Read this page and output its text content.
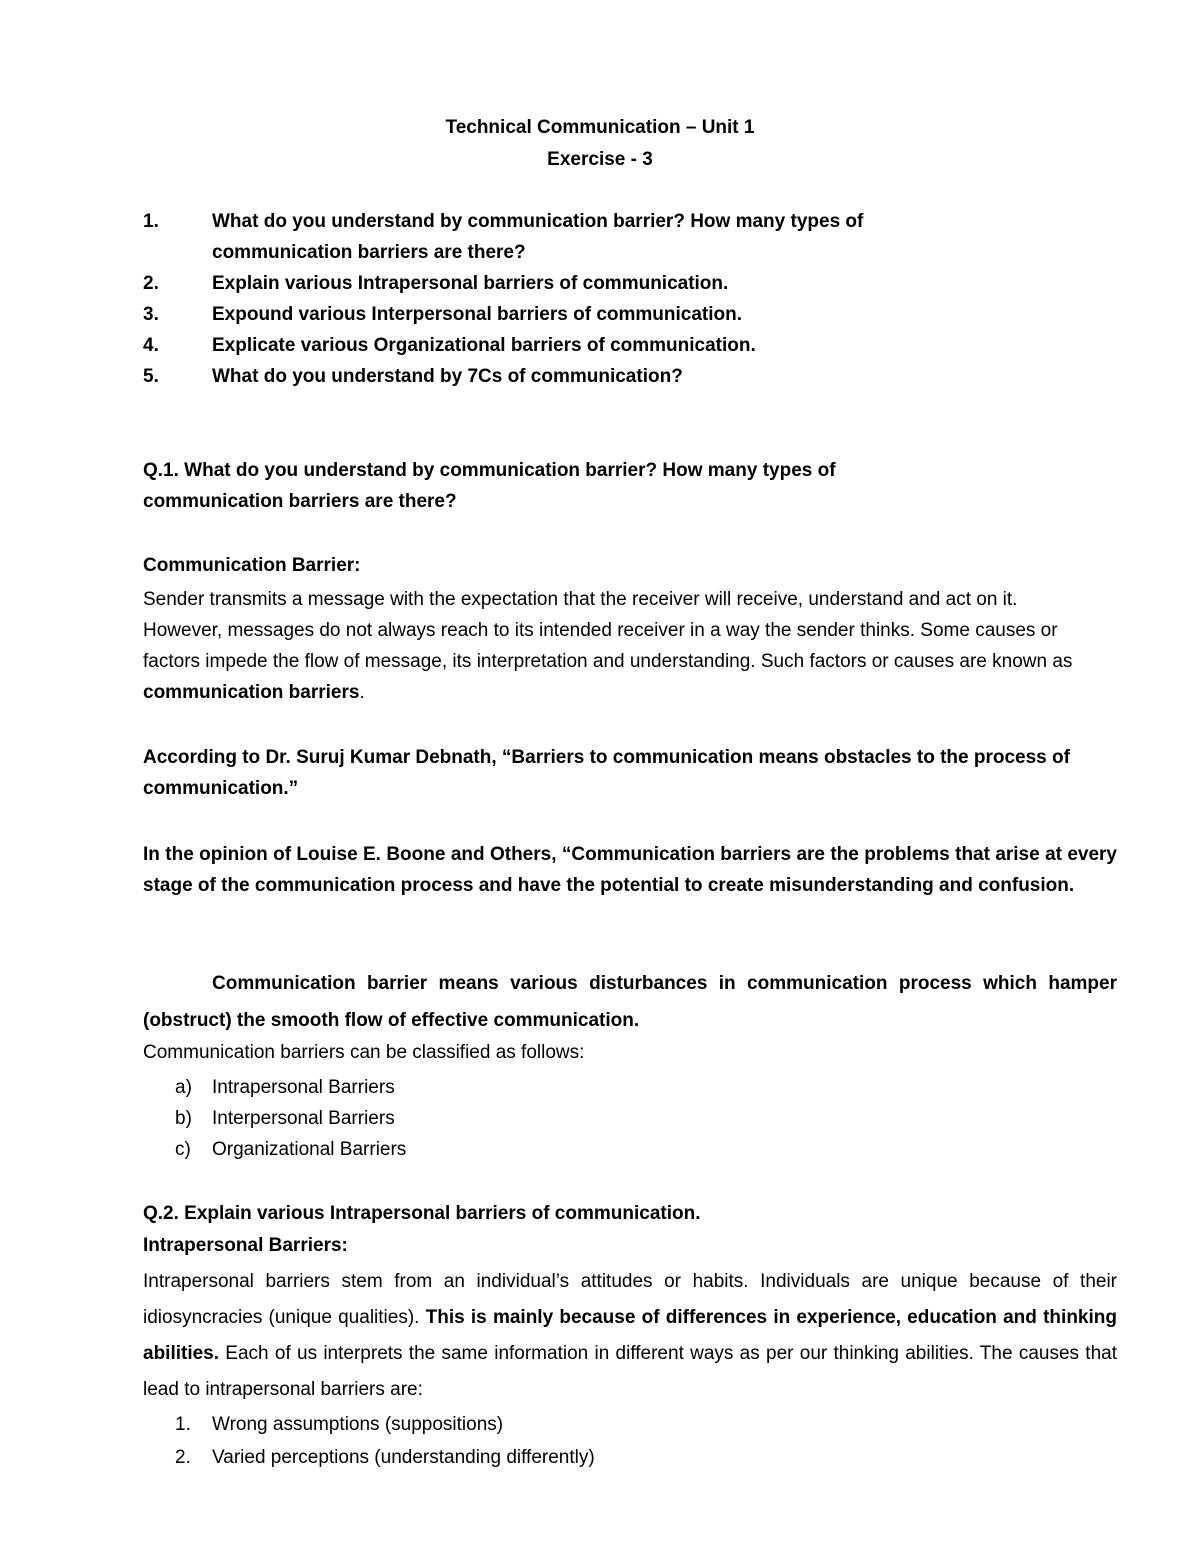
Technical Communication – Unit 1
Exercise - 3
1.	What do you understand by communication barrier? How many types of
communication barriers are there?
2.	Explain various Intrapersonal barriers of communication.
3.	Expound various Interpersonal barriers of communication.
4.	Explicate various Organizational barriers of communication.
5.	What do you understand by 7Cs of communication?
Q.1. What do you understand by communication barrier? How many types of communication barriers are there?
Communication Barrier:
Sender transmits a message with the expectation that the receiver will receive, understand and act on it. However, messages do not always reach to its intended receiver in a way the sender thinks. Some causes or factors impede the flow of message, its interpretation and understanding. Such factors or causes are known as communication barriers.
According to Dr. Suruj Kumar Debnath, “Barriers to communication means obstacles to the process of communication.”
In the opinion of Louise E. Boone and Others, “Communication barriers are the problems that arise at every stage of the communication process and have the potential to create misunderstanding and confusion.
Communication barrier means various disturbances in communication process which hamper (obstruct) the smooth flow of effective communication.
Communication barriers can be classified as follows:
a) Intrapersonal Barriers
b) Interpersonal Barriers
c) Organizational Barriers
Q.2. Explain various Intrapersonal barriers of communication.
Intrapersonal Barriers:
Intrapersonal barriers stem from an individual’s attitudes or habits. Individuals are unique because of their idiosyncracies (unique qualities). This is mainly because of differences in experience, education and thinking abilities. Each of us interprets the same information in different ways as per our thinking abilities. The causes that lead to intrapersonal barriers are:
1. Wrong assumptions (suppositions)
2. Varied perceptions (understanding differently)
